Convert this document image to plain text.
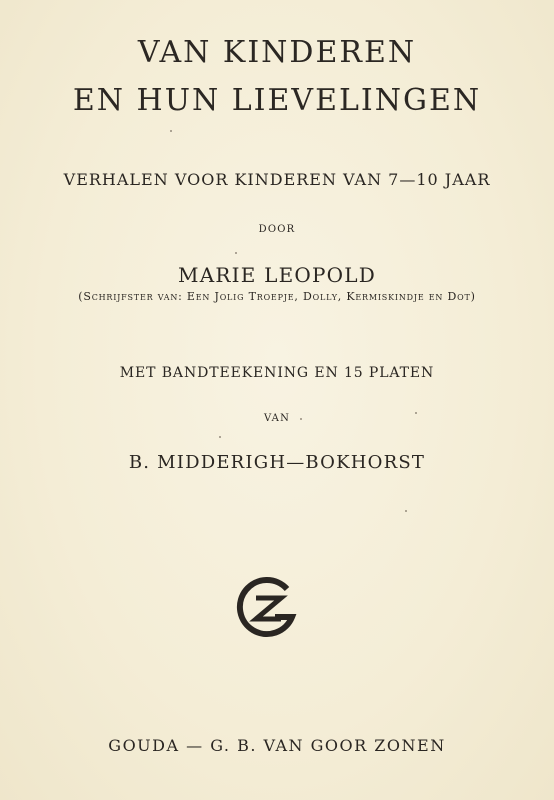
VAN KINDEREN
EN HUN LIEVELINGEN
VERHALEN VOOR KINDEREN VAN 7—10 JAAR
DOOR
MARIE LEOPOLD
(Schrijfster van: Een Jolig Troepje, Dolly, Kermiskindje en Dot)
MET BANDTEEKENING EN 15 PLATEN
VAN
B. MIDDERIGH—BOKHORST
GOUDA — G. B. VAN GOOR ZONEN
